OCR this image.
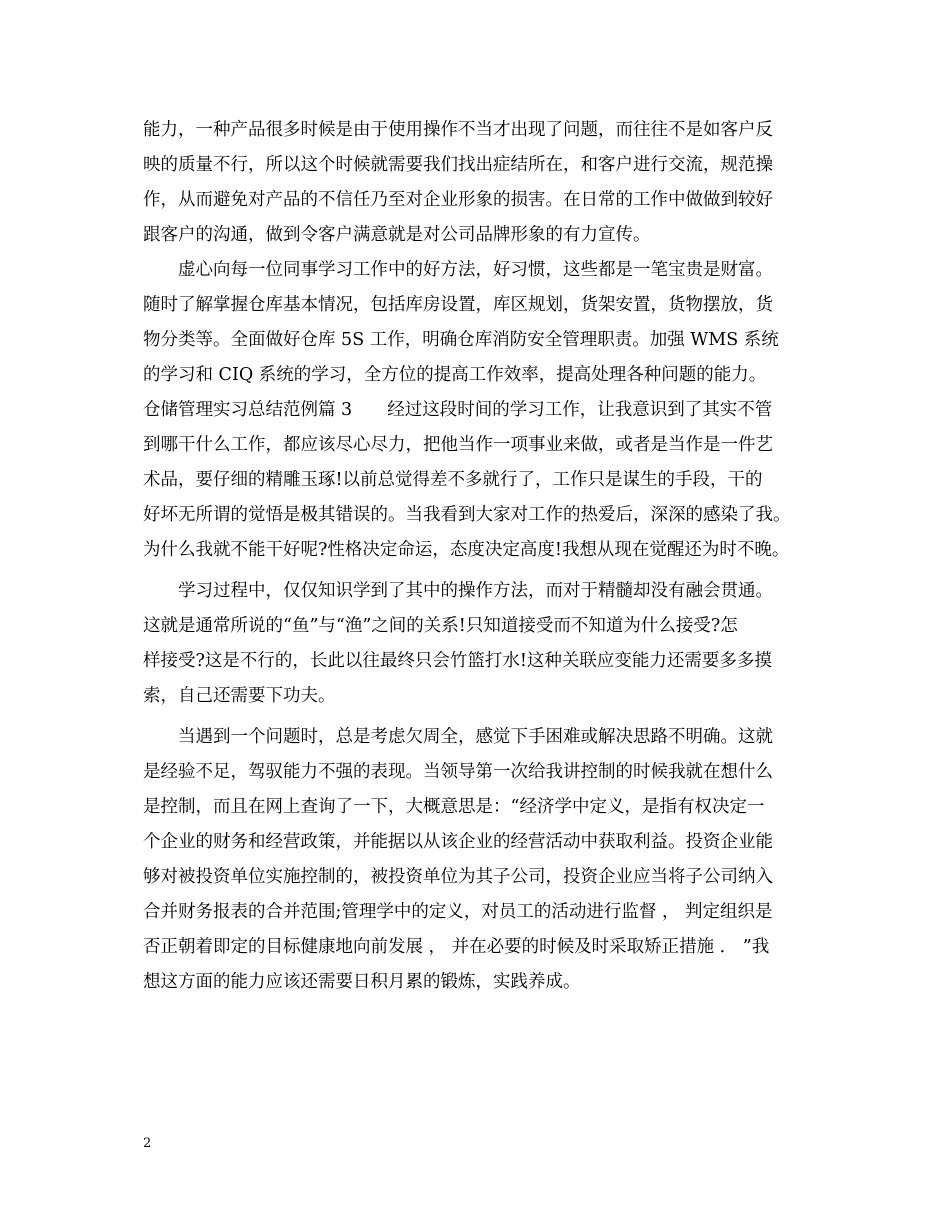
能力，一种产品很多时候是由于使用操作不当才出现了问题，而往往不是如客户反
映的质量不行，所以这个时候就需要我们找出症结所在，和客户进行交流，规范操
作，从而避免对产品的不信任乃至对企业形象的损害。在日常的工作中做做到较好
跟客户的沟通，做到令客户满意就是对公司品牌形象的有力宣传。
　　虚心向每一位同事学习工作中的好方法，好习惯，这些都是一笔宝贵是财富。
随时了解掌握仓库基本情况，包括库房设置，库区规划，货架安置，货物摆放，货
物分类等。全面做好仓库 5S 工作，明确仓库消防安全管理职责。加强 WMS 系统
的学习和 CIQ 系统的学习，全方位的提高工作效率，提高处理各种问题的能力。
仓储管理实习总结范例篇 3　　经过这段时间的学习工作，让我意识到了其实不管
到哪干什么工作，都应该尽心尽力，把他当作一项事业来做，或者是当作是一件艺
术品，要仔细的精雕玉琢!以前总觉得差不多就行了，工作只是谋生的手段，干的
好坏无所谓的觉悟是极其错误的。当我看到大家对工作的热爱后，深深的感染了我。
为什么我就不能干好呢?性格决定命运，态度决定高度!我想从现在觉醒还为时不晚。
　　学习过程中，仅仅知识学到了其中的操作方法，而对于精髓却没有融会贯通。
这就是通常所说的“鱼”与“渔”之间的关系!只知道接受而不知道为什么接受?怎
样接受?这是不行的，长此以往最终只会竹篮打水!这种关联应变能力还需要多多摸
索，自己还需要下功夫。
　　当遇到一个问题时，总是考虑欠周全，感觉下手困难或解决思路不明确。这就
是经验不足，驾驭能力不强的表现。当领导第一次给我讲控制的时候我就在想什么
是控制，而且在网上查询了一下，大概意思是：“经济学中定义，是指有权决定一
个企业的财务和经营政策，并能据以从该企业的经营活动中获取利益。投资企业能
够对被投资单位实施控制的，被投资单位为其子公司，投资企业应当将子公司纳入
合并财务报表的合并范围;管理学中的定义，对员工的活动进行监督 ， 判定组织是
否正朝着即定的目标健康地向前发展 ， 并在必要的时候及时采取矫正措施 ． ”我
想这方面的能力应该还需要日积月累的锻炼，实践养成。
2
